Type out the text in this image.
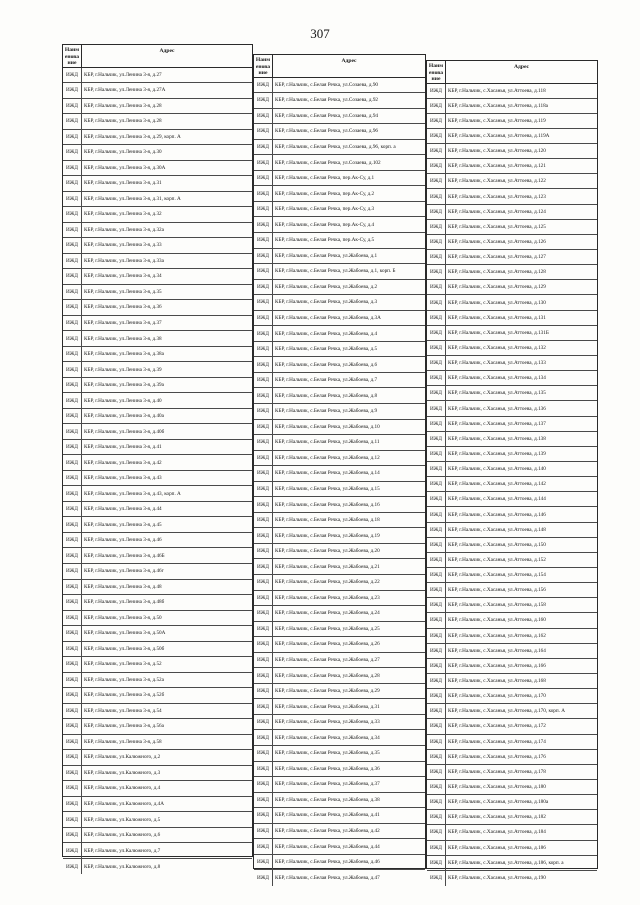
307
Наим енова ние
Адрес
ИЖД	КБР, г.Нальчик, ул.Ленина 3-я, д.27
ИЖД	КБР, г.Нальчик, ул.Ленина 3-я, д.27А
ИЖД	КБР, г.Нальчик, ул.Ленина 3-я, д.28
ИЖД	КБР, г.Нальчик, ул.Ленина 3-я, д.28
ИЖД	КБР, г.Нальчик, ул.Ленина 3-я, д.29, корп. А
ИЖД	КБР, г.Нальчик, ул.Ленина 3-я, д.30
ИЖД	КБР, г.Нальчик, ул.Ленина 3-я, д.30А
ИЖД	КБР, г.Нальчик, ул.Ленина 3-я, д.31
ИЖД	КБР, г.Нальчик, ул.Ленина 3-я, д.31, корп. А
ИЖД	КБР, г.Нальчик, ул.Ленина 3-я, д.32
ИЖД	КБР, г.Нальчик, ул.Ленина 3-я, д.32а
ИЖД	КБР, г.Нальчик, ул.Ленина 3-я, д.33
ИЖД	КБР, г.Нальчик, ул.Ленина 3-я, д.33а
ИЖД	КБР, г.Нальчик, ул.Ленина 3-я, д.34
ИЖД	КБР, г.Нальчик, ул.Ленина 3-я, д.35
ИЖД	КБР, г.Нальчик, ул.Ленина 3-я, д.36
ИЖД	КБР, г.Нальчик, ул.Ленина 3-я, д.37
ИЖД	КБР, г.Нальчик, ул.Ленина 3-я, д.38
ИЖД	КБР, г.Нальчик, ул.Ленина 3-я, д.38а
ИЖД	КБР, г.Нальчик, ул.Ленина 3-я, д.39
ИЖД	КБР, г.Нальчик, ул.Ленина 3-я, д.39а
ИЖД	КБР, г.Нальчик, ул.Ленина 3-я, д.40
ИЖД	КБР, г.Нальчик, ул.Ленина 3-я, д.40а
ИЖД	КБР, г.Нальчик, ул.Ленина 3-я, д.40б
ИЖД	КБР, г.Нальчик, ул.Ленина 3-я, д.41
ИЖД	КБР, г.Нальчик, ул.Ленина 3-я, д.42
ИЖД	КБР, г.Нальчик, ул.Ленина 3-я, д.43
ИЖД	КБР, г.Нальчик, ул.Ленина 3-я, д.43, корп. А
ИЖД	КБР, г.Нальчик, ул.Ленина 3-я, д.44
ИЖД	КБР, г.Нальчик, ул.Ленина 3-я, д.45
ИЖД	КБР, г.Нальчик, ул.Ленина 3-я, д.46
ИЖД	КБР, г.Нальчик, ул.Ленина 3-я, д.46Б
ИЖД	КБР, г.Нальчик, ул.Ленина 3-я, д.46г
ИЖД	КБР, г.Нальчик, ул.Ленина 3-я, д.48
ИЖД	КБР, г.Нальчик, ул.Ленина 3-я, д.48б
ИЖД	КБР, г.Нальчик, ул.Ленина 3-я, д.50
ИЖД	КБР, г.Нальчик, ул.Ленина 3-я, д.50А
ИЖД	КБР, г.Нальчик, ул.Ленина 3-я, д.50б
ИЖД	КБР, г.Нальчик, ул.Ленина 3-я, д.52
ИЖД	КБР, г.Нальчик, ул.Ленина 3-я, д.52а
ИЖД	КБР, г.Нальчик, ул.Ленина 3-я, д.52б
ИЖД	КБР, г.Нальчик, ул.Ленина 3-я, д.54
ИЖД	КБР, г.Нальчик, ул.Ленина 3-я, д.56а
ИЖД	КБР, г.Нальчик, ул.Ленина 3-я, д.58
ИЖД	КБР, г.Нальчик, ул.Калюжного, д.2
ИЖД	КБР, г.Нальчик, ул.Калюжного, д.3
ИЖД	КБР, г.Нальчик, ул.Калюжного, д.4
ИЖД	КБР, г.Нальчик, ул.Калюжного, д.4А
ИЖД	КБР, г.Нальчик, ул.Калюжного, д.5
ИЖД	КБР, г.Нальчик, ул.Калюжного, д.6
ИЖД	КБР, г.Нальчик, ул.Калюжного, д.7
ИЖД	КБР, г.Нальчик, ул.Калюжного, д.8
Наим енова ние
Адрес
ИЖД	КБР, г.Нальчик, с.Белая Речка, ул.Созаева, д.90
ИЖД	КБР, г.Нальчик, с.Белая Речка, ул.Созаева, д.92
ИЖД	КБР, г.Нальчик, с.Белая Речка, ул.Созаева, д.94
ИЖД	КБР, г.Нальчик, с.Белая Речка, ул.Созаева, д.96
ИЖД	КБР, г.Нальчик, с.Белая Речка, ул.Созаева, д.96, корп. а
ИЖД	КБР, г.Нальчик, с.Белая Речка, ул.Созаева, д.102
ИЖД	КБР, г.Нальчик, с.Белая Речка, пер.Ак-Су, д.1
ИЖД	КБР, г.Нальчик, с.Белая Речка, пер.Ак-Су, д.2
ИЖД	КБР, г.Нальчик, с.Белая Речка, пер.Ак-Су, д.3
ИЖД	КБР, г.Нальчик, с.Белая Речка, пер.Ак-Су, д.4
ИЖД	КБР, г.Нальчик, с.Белая Речка, пер.Ак-Су, д.5
ИЖД	КБР, г.Нальчик, с.Белая Речка, ул.Жабоева, д.1
ИЖД	КБР, г.Нальчик, с.Белая Речка, ул.Жабоева, д.1, корп. Б
ИЖД	КБР, г.Нальчик, с.Белая Речка, ул.Жабоева, д.2
ИЖД	КБР, г.Нальчик, с.Белая Речка, ул.Жабоева, д.3
ИЖД	КБР, г.Нальчик, с.Белая Речка, ул.Жабоева, д.3А
ИЖД	КБР, г.Нальчик, с.Белая Речка, ул.Жабоева, д.4
ИЖД	КБР, г.Нальчик, с.Белая Речка, ул.Жабоева, д.5
ИЖД	КБР, г.Нальчик, с.Белая Речка, ул.Жабоева, д.6
ИЖД	КБР, г.Нальчик, с.Белая Речка, ул.Жабоева, д.7
ИЖД	КБР, г.Нальчик, с.Белая Речка, ул.Жабоева, д.8
ИЖД	КБР, г.Нальчик, с.Белая Речка, ул.Жабоева, д.9
ИЖД	КБР, г.Нальчик, с.Белая Речка, ул.Жабоева, д.10
ИЖД	КБР, г.Нальчик, с.Белая Речка, ул.Жабоева, д.11
ИЖД	КБР, г.Нальчик, с.Белая Речка, ул.Жабоева, д.12
ИЖД	КБР, г.Нальчик, с.Белая Речка, ул.Жабоева, д.14
ИЖД	КБР, г.Нальчик, с.Белая Речка, ул.Жабоева, д.15
ИЖД	КБР, г.Нальчик, с.Белая Речка, ул.Жабоева, д.16
ИЖД	КБР, г.Нальчик, с.Белая Речка, ул.Жабоева, д.18
ИЖД	КБР, г.Нальчик, с.Белая Речка, ул.Жабоева, д.19
ИЖД	КБР, г.Нальчик, с.Белая Речка, ул.Жабоева, д.20
ИЖД	КБР, г.Нальчик, с.Белая Речка, ул.Жабоева, д.21
ИЖД	КБР, г.Нальчик, с.Белая Речка, ул.Жабоева, д.22
ИЖД	КБР, г.Нальчик, с.Белая Речка, ул.Жабоева, д.23
ИЖД	КБР, г.Нальчик, с.Белая Речка, ул.Жабоева, д.24
ИЖД	КБР, г.Нальчик, с.Белая Речка, ул.Жабоева, д.25
ИЖД	КБР, г.Нальчик, с.Белая Речка, ул.Жабоева, д.26
ИЖД	КБР, г.Нальчик, с.Белая Речка, ул.Жабоева, д.27
ИЖД	КБР, г.Нальчик, с.Белая Речка, ул.Жабоева, д.28
ИЖД	КБР, г.Нальчик, с.Белая Речка, ул.Жабоева, д.29
ИЖД	КБР, г.Нальчик, с.Белая Речка, ул.Жабоева, д.31
ИЖД	КБР, г.Нальчик, с.Белая Речка, ул.Жабоева, д.33
ИЖД	КБР, г.Нальчик, с.Белая Речка, ул.Жабоева, д.34
ИЖД	КБР, г.Нальчик, с.Белая Речка, ул.Жабоева, д.35
ИЖД	КБР, г.Нальчик, с.Белая Речка, ул.Жабоева, д.36
ИЖД	КБР, г.Нальчик, с.Белая Речка, ул.Жабоева, д.37
ИЖД	КБР, г.Нальчик, с.Белая Речка, ул.Жабоева, д.38
ИЖД	КБР, г.Нальчик, с.Белая Речка, ул.Жабоева, д.41
ИЖД	КБР, г.Нальчик, с.Белая Речка, ул.Жабоева, д.42
ИЖД	КБР, г.Нальчик, с.Белая Речка, ул.Жабоева, д.44
ИЖД	КБР, г.Нальчик, с.Белая Речка, ул.Жабоева, д.46
ИЖД	КБР, г.Нальчик, с.Белая Речка, ул.Жабоева, д.47
Наим енова ние
Адрес
ИЖД	КБР, г.Нальчик, с.Хасанья, ул.Аттоева, д.118
ИЖД	КБР, г.Нальчик, с.Хасанья, ул.Аттоева, д.118а
ИЖД	КБР, г.Нальчик, с.Хасанья, ул.Аттоева, д.119
ИЖД	КБР, г.Нальчик, с.Хасанья, ул.Аттоева, д.119А
ИЖД	КБР, г.Нальчик, с.Хасанья, ул.Аттоева, д.120
ИЖД	КБР, г.Нальчик, с.Хасанья, ул.Аттоева, д.121
ИЖД	КБР, г.Нальчик, с.Хасанья, ул.Аттоева, д.122
ИЖД	КБР, г.Нальчик, с.Хасанья, ул.Аттоева, д.123
ИЖД	КБР, г.Нальчик, с.Хасанья, ул.Аттоева, д.124
ИЖД	КБР, г.Нальчик, с.Хасанья, ул.Аттоева, д.125
ИЖД	КБР, г.Нальчик, с.Хасанья, ул.Аттоева, д.126
ИЖД	КБР, г.Нальчик, с.Хасанья, ул.Аттоева, д.127
ИЖД	КБР, г.Нальчик, с.Хасанья, ул.Аттоева, д.128
ИЖД	КБР, г.Нальчик, с.Хасанья, ул.Аттоева, д.129
ИЖД	КБР, г.Нальчик, с.Хасанья, ул.Аттоева, д.130
ИЖД	КБР, г.Нальчик, с.Хасанья, ул.Аттоева, д.131
ИЖД	КБР, г.Нальчик, с.Хасанья, ул.Аттоева, д.131Б
ИЖД	КБР, г.Нальчик, с.Хасанья, ул.Аттоева, д.132
ИЖД	КБР, г.Нальчик, с.Хасанья, ул.Аттоева, д.133
ИЖД	КБР, г.Нальчик, с.Хасанья, ул.Аттоева, д.134
ИЖД	КБР, г.Нальчик, с.Хасанья, ул.Аттоева, д.135
ИЖД	КБР, г.Нальчик, с.Хасанья, ул.Аттоева, д.136
ИЖД	КБР, г.Нальчик, с.Хасанья, ул.Аттоева, д.137
ИЖД	КБР, г.Нальчик, с.Хасанья, ул.Аттоева, д.138
ИЖД	КБР, г.Нальчик, с.Хасанья, ул.Аттоева, д.139
ИЖД	КБР, г.Нальчик, с.Хасанья, ул.Аттоева, д.140
ИЖД	КБР, г.Нальчик, с.Хасанья, ул.Аттоева, д.142
ИЖД	КБР, г.Нальчик, с.Хасанья, ул.Аттоева, д.144
ИЖД	КБР, г.Нальчик, с.Хасанья, ул.Аттоева, д.146
ИЖД	КБР, г.Нальчик, с.Хасанья, ул.Аттоева, д.148
ИЖД	КБР, г.Нальчик, с.Хасанья, ул.Аттоева, д.150
ИЖД	КБР, г.Нальчик, с.Хасанья, ул.Аттоева, д.152
ИЖД	КБР, г.Нальчик, с.Хасанья, ул.Аттоева, д.154
ИЖД	КБР, г.Нальчик, с.Хасанья, ул.Аттоева, д.156
ИЖД	КБР, г.Нальчик, с.Хасанья, ул.Аттоева, д.158
ИЖД	КБР, г.Нальчик, с.Хасанья, ул.Аттоева, д.160
ИЖД	КБР, г.Нальчик, с.Хасанья, ул.Аттоева, д.162
ИЖД	КБР, г.Нальчик, с.Хасанья, ул.Аттоева, д.164
ИЖД	КБР, г.Нальчик, с.Хасанья, ул.Аттоева, д.166
ИЖД	КБР, г.Нальчик, с.Хасанья, ул.Аттоева, д.168
ИЖД	КБР, г.Нальчик, с.Хасанья, ул.Аттоева, д.170
ИЖД	КБР, г.Нальчик, с.Хасанья, ул.Аттоева, д.170, корп. А
ИЖД	КБР, г.Нальчик, с.Хасанья, ул.Аттоева, д.172
ИЖД	КБР, г.Нальчик, с.Хасанья, ул.Аттоева, д.174
ИЖД	КБР, г.Нальчик, с.Хасанья, ул.Аттоева, д.176
ИЖД	КБР, г.Нальчик, с.Хасанья, ул.Аттоева, д.178
ИЖД	КБР, г.Нальчик, с.Хасанья, ул.Аттоева, д.180
ИЖД	КБР, г.Нальчик, с.Хасанья, ул.Аттоева, д.180а
ИЖД	КБР, г.Нальчик, с.Хасанья, ул.Аттоева, д.182
ИЖД	КБР, г.Нальчик, с.Хасанья, ул.Аттоева, д.184
ИЖД	КБР, г.Нальчик, с.Хасанья, ул.Аттоева, д.186
ИЖД	КБР, г.Нальчик, с.Хасанья, ул.Аттоева, д.186, корп. а
ИЖД	КБР, г.Нальчик, с.Хасанья, ул.Аттоева, д.190
